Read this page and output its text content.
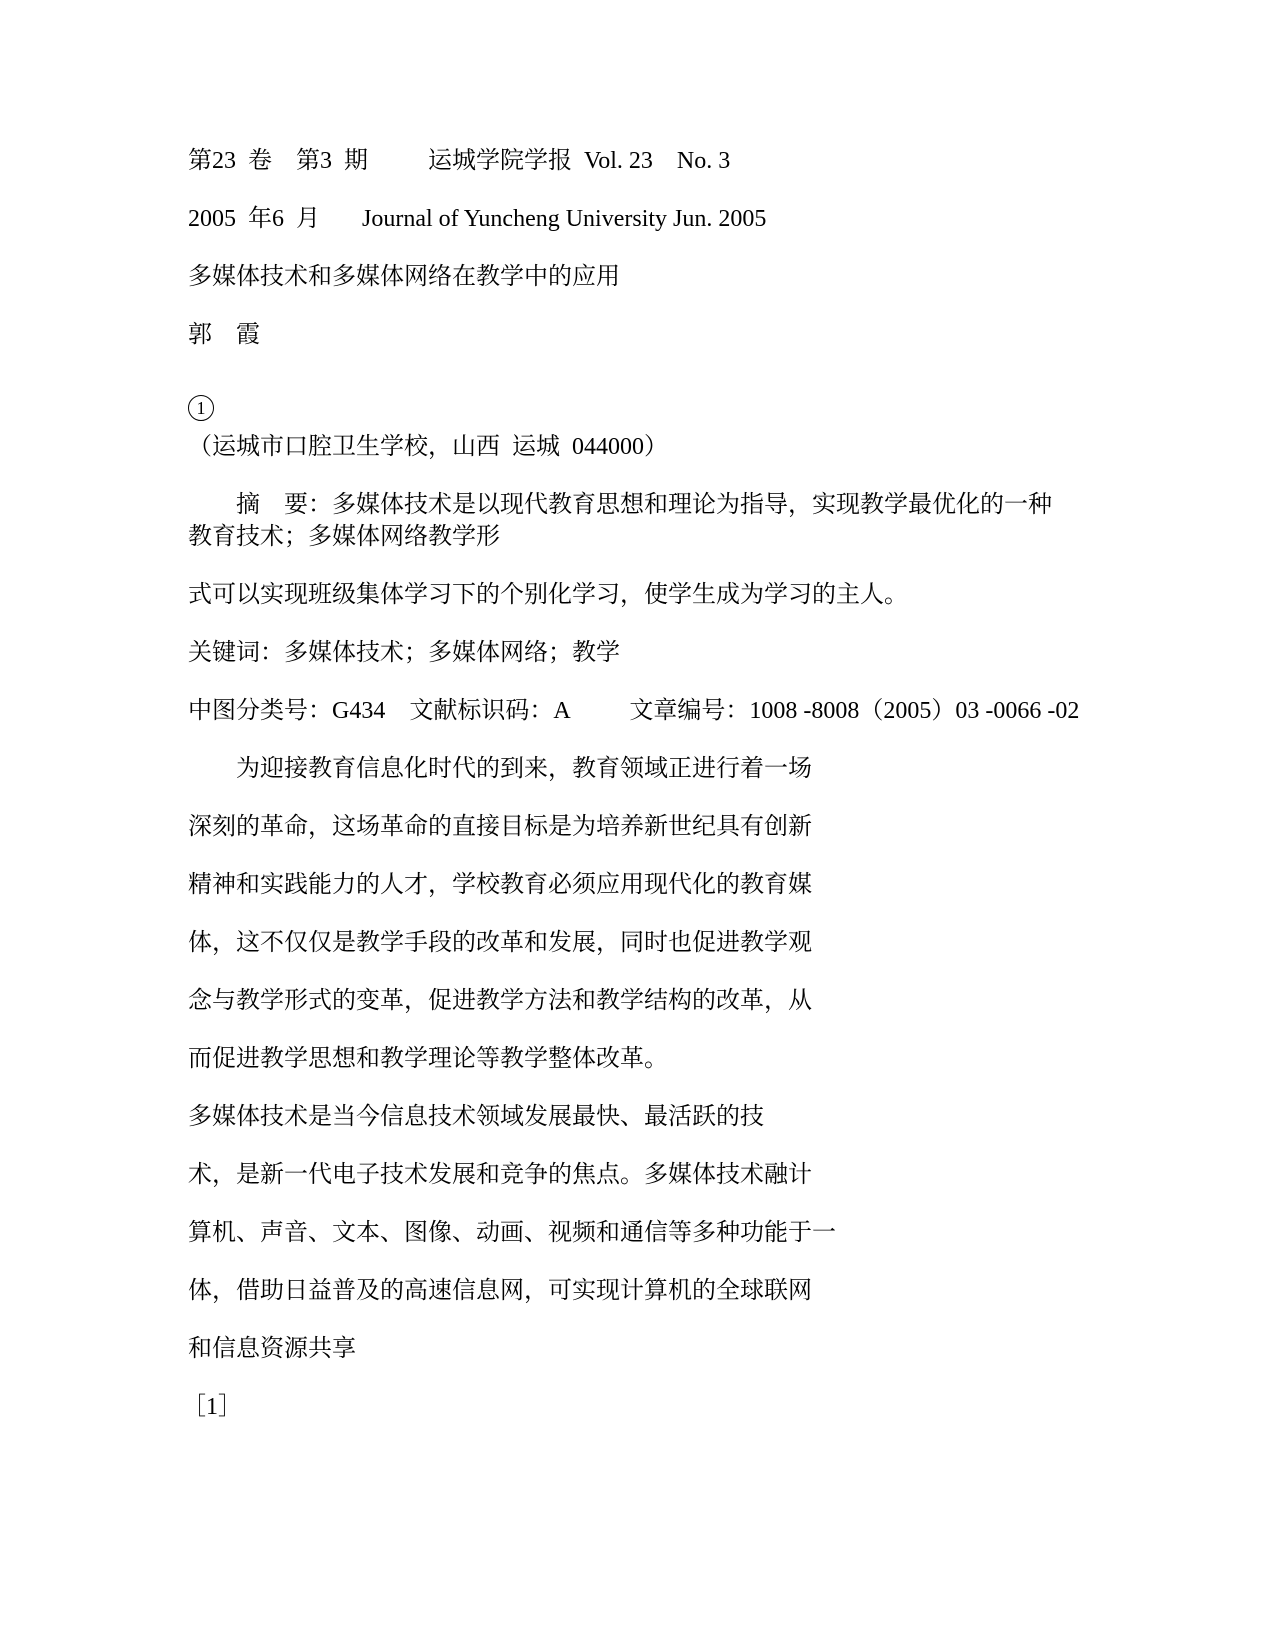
第23  卷    第3  期          运城学院学报  Vol. 23    No. 3
2005  年6  月       Journal of Yuncheng University Jun. 2005
多媒体技术和多媒体网络在教学中的应用
郭    霞
1
（运城市口腔卫生学校，山西  运城  044000）
摘    要：多媒体技术是以现代教育思想和理论为指导，实现教学最优化的一种
教育技术；多媒体网络教学形
式可以实现班级集体学习下的个别化学习，使学生成为学习的主人。
关键词：多媒体技术；多媒体网络；教学
中图分类号：G434    文献标识码：A          文章编号：1008 -8008（2005）03 -0066 -02
为迎接教育信息化时代的到来，教育领域正进行着一场
深刻的革命，这场革命的直接目标是为培养新世纪具有创新
精神和实践能力的人才，学校教育必须应用现代化的教育媒
体，这不仅仅是教学手段的改革和发展，同时也促进教学观
念与教学形式的变革，促进教学方法和教学结构的改革，从
而促进教学思想和教学理论等教学整体改革。
多媒体技术是当今信息技术领域发展最快、最活跃的技
术，是新一代电子技术发展和竞争的焦点。多媒体技术融计
算机、声音、文本、图像、动画、视频和通信等多种功能于一
体，借助日益普及的高速信息网，可实现计算机的全球联网
和信息资源共享
［1］
